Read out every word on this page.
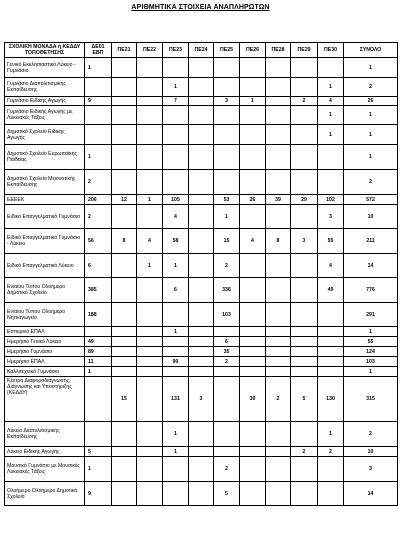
ΑΡΙΘΜΗΤΙΚΑ ΣΤΟΙΧΕΙΑ ΑΝΑΠΛΗΡΩΤΩΝ
ΣΧΟΛΙΚΗ ΜΟΝΑΔΑ ή ΚΕΔΔΥ ΤΟΠΟΘΕΤΗΣΗΣ	ΔΕ01 ΕΒΠ	ΠΕ21	ΠΕ22	ΠΕ23	ΠΕ24	ΠΕ25	ΠΕ26	ΠΕ28	ΠΕ29	ΠΕ30	ΣΥΝΟΛΟ
Γενικό Εκκλησιαστικό Λύκειο - Γυμνάσιο	1										1
Γυμνάσιο Διαπολιτισμικής Εκπαίδευσης				1						1	2
Γυμνάσιο Ειδικής Αγωγής	9			7		3	1		2	4	26
Γυμνάσιο Ειδικής Αγωγής με Λυκειακές Τάξεις										1	1
Δημοτικό Σχολείο Ειδικής Αγωγής										1	1
Δημοτικό Σχολείο Ευρωπαϊκής Παιδείας	1										1
Δημοτικό Σχολείο Μειονοτικής Εκπαίδευσης	2										2
ΕΕΕΕΚ	206	12	1	105		53	26	39	29	102	572
Ειδικό Επαγγελματικό Γυμνάσιο	2			4		1				3	10
Ειδικό Επαγγελματικό Γυμνάσιο - Λύκειο	56	8	4	58		15	4	8	3	55	211
Ειδικό Επαγγελματικό Λύκειο	6		1	1		2				4	14
Ενιαίου Τύπου Ολοήμερο Δημοτικό Σχολείο	385			6		336				49	776
Ενιαίου Τύπου Ολοήμερο Νηπιαγωγείο	188					103					291
Εσπερινό ΕΠΑΛ				1							1
Ημερήσιο Γενικό Λύκειο	49					6					55
Ημερήσιο Γυμνάσιο	89					35					124
Ημερήσιο ΕΠΑΛ	11			90		2					103
Καλλιτεχνικό Γυμνάσιο	1										1
Κέντρα Διαφοροδιάγνωσης, Διάγνωσης και Υποστήριξης (ΚΕΔΔΥ)		15		131	3		30	2	5	130	315
Λύκειο Διαπολιτισμικής Εκπαίδευσης				1						1	2
Λύκειο Ειδικής Αγωγής	5			1					2	2	10
Μουσικό Γυμνάσιο με Μουσικές Λυκειακές Τάξεις	1					2					3
Ολοήμερο Ολοήμερο Δημοτικό Σχολείο	9					5					14
